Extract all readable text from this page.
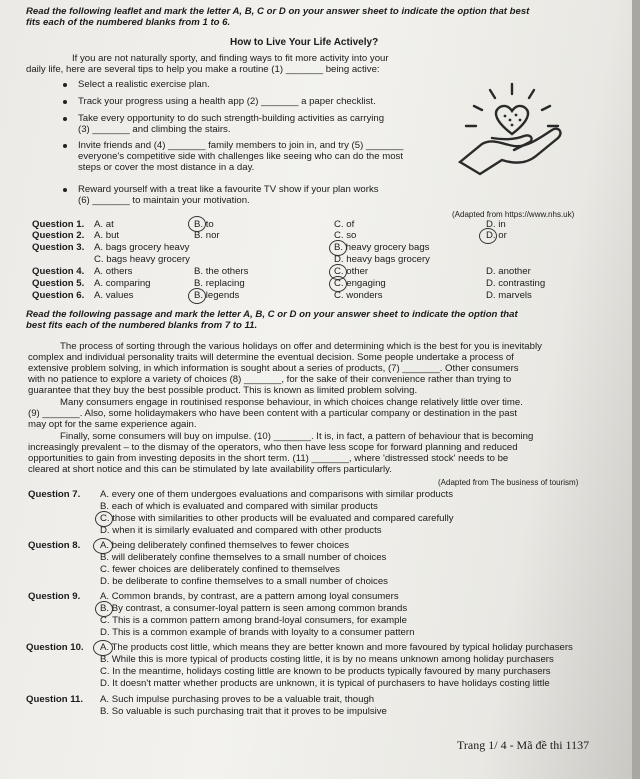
Read the following leaflet and mark the letter A, B, C or D on your answer sheet to indicate the option that best
fits each of the numbered blanks from 1 to 6.
How to Live Your Life Actively?
If you are not naturally sporty, and finding ways to fit more activity into your
daily life, here are several tips to help you make a routine (1) _______ being active:
Select a realistic exercise plan.
Track your progress using a health app (2) _______ a paper checklist.
Take every opportunity to do such strength-building activities as carrying
(3) _______ and climbing the stairs.
Invite friends and (4) _______ family members to join in, and try (5) _______
everyone's competitive side with challenges like seeing who can do the most
steps or cover the most distance in a day.
Reward yourself with a treat like a favourite TV show if your plan works
(6) _______ to maintain your motivation.
(Adapted from https://www.nhs.uk)
Question 1. A. at	B. to	C. of	D. in
Question 2. A. but	B. nor	C. so	D. or
Question 3. A. bags grocery heavy	B. heavy grocery bags
C. bags heavy grocery	D. heavy bags grocery
Question 4. A. others	B. the others	C. other	D. another
Question 5. A. comparing	B. replacing	C. engaging	D. contrasting
Question 6. A. values	B. legends	C. wonders	D. marvels
Read the following passage and mark the letter A, B, C or D on your answer sheet to indicate the option that
best fits each of the numbered blanks from 7 to 11.
The process of sorting through the various holidays on offer and determining which is the best for you is inevitably
complex and individual personality traits will determine the eventual decision. Some people undertake a process of
extensive problem solving, in which information is sought about a series of products, (7) _______. Other consumers
with no patience to explore a variety of choices (8) _______, for the sake of their convenience rather than trying to
guarantee that they buy the best possible product. This is known as limited problem solving.
Many consumers engage in routinised response behaviour, in which choices change relatively little over time.
(9) _______. Also, some holidaymakers who have been content with a particular company or destination in the past
may opt for the same experience again.
Finally, some consumers will buy on impulse. (10) _______. It is, in fact, a pattern of behaviour that is becoming
increasingly prevalent – to the dismay of the operators, who then have less scope for forward planning and reduced
opportunities to gain from investing deposits in the short term. (11) _______, where 'distressed stock' needs to be
cleared at short notice and this can be stimulated by late availability offers particularly.
(Adapted from The business of tourism)
Question 7. A. every one of them undergoes evaluations and comparisons with similar products
B. each of which is evaluated and compared with similar products
C. those with similarities to other products will be evaluated and compared carefully
D. when it is similarly evaluated and compared with other products
Question 8. A. being deliberately confined themselves to fewer choices
B. will deliberately confine themselves to a small number of choices
C. fewer choices are deliberately confined to themselves
D. be deliberate to confine themselves to a small number of choices
Question 9. A. Common brands, by contrast, are a pattern among loyal consumers
B. By contrast, a consumer-loyal pattern is seen among common brands
C. This is a common pattern among brand-loyal consumers, for example
D. This is a common example of brands with loyalty to a consumer pattern
Question 10. A. The products cost little, which means they are better known and more favoured by typical holiday purchasers
B. While this is more typical of products costing little, it is by no means unknown among holiday purchasers
C. In the meantime, holidays costing little are known to be products typically favoured by many purchasers
D. It doesn't matter whether products are unknown, it is typical of purchasers to have holidays costing little
Question 11. A. Such impulse purchasing proves to be a valuable trait, though
B. So valuable is such purchasing trait that it proves to be impulsive
Trang 1/ 4 - Mã đề thi 1137
